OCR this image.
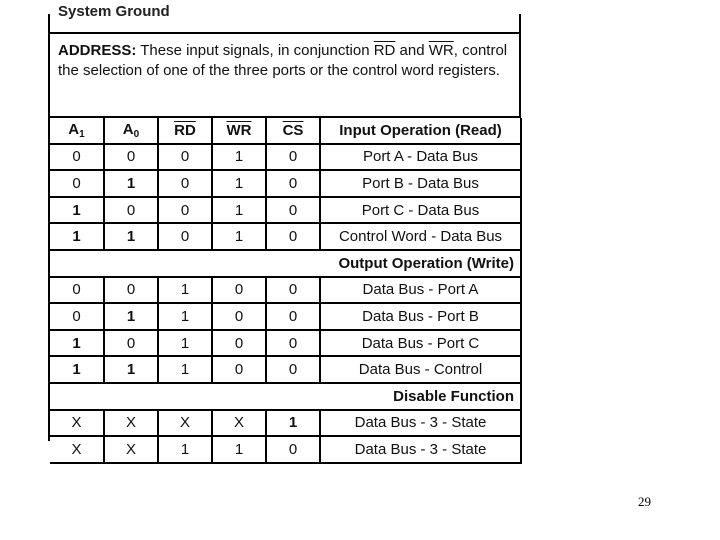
System Ground
ADDRESS: These input signals, in conjunction $\overline{RD}$ and $\overline{WR}$, control the selection of one of the three ports or the control word registers.
$A_1$	$A_0$	$\overline{RD}$	$\overline{WR}$	$\overline{CS}$	Input Operation (Read)
0	0	0	1	0	Port A - Data Bus
0	1	0	1	0	Port B - Data Bus
1	0	0	1	0	Port C - Data Bus
1	1	0	1	0	Control Word - Data Bus
Output Operation (Write)					
0	0	1	0	0	Data Bus - Port A
0	1	1	0	0	Data Bus - Port B
1	0	1	0	0	Data Bus - Port C
1	1	1	0	0	Data Bus - Control
Disable Function					
X	X	X	X	1	Data Bus - 3 - State
X	X	1	1	0	Data Bus - 3 - State
29
